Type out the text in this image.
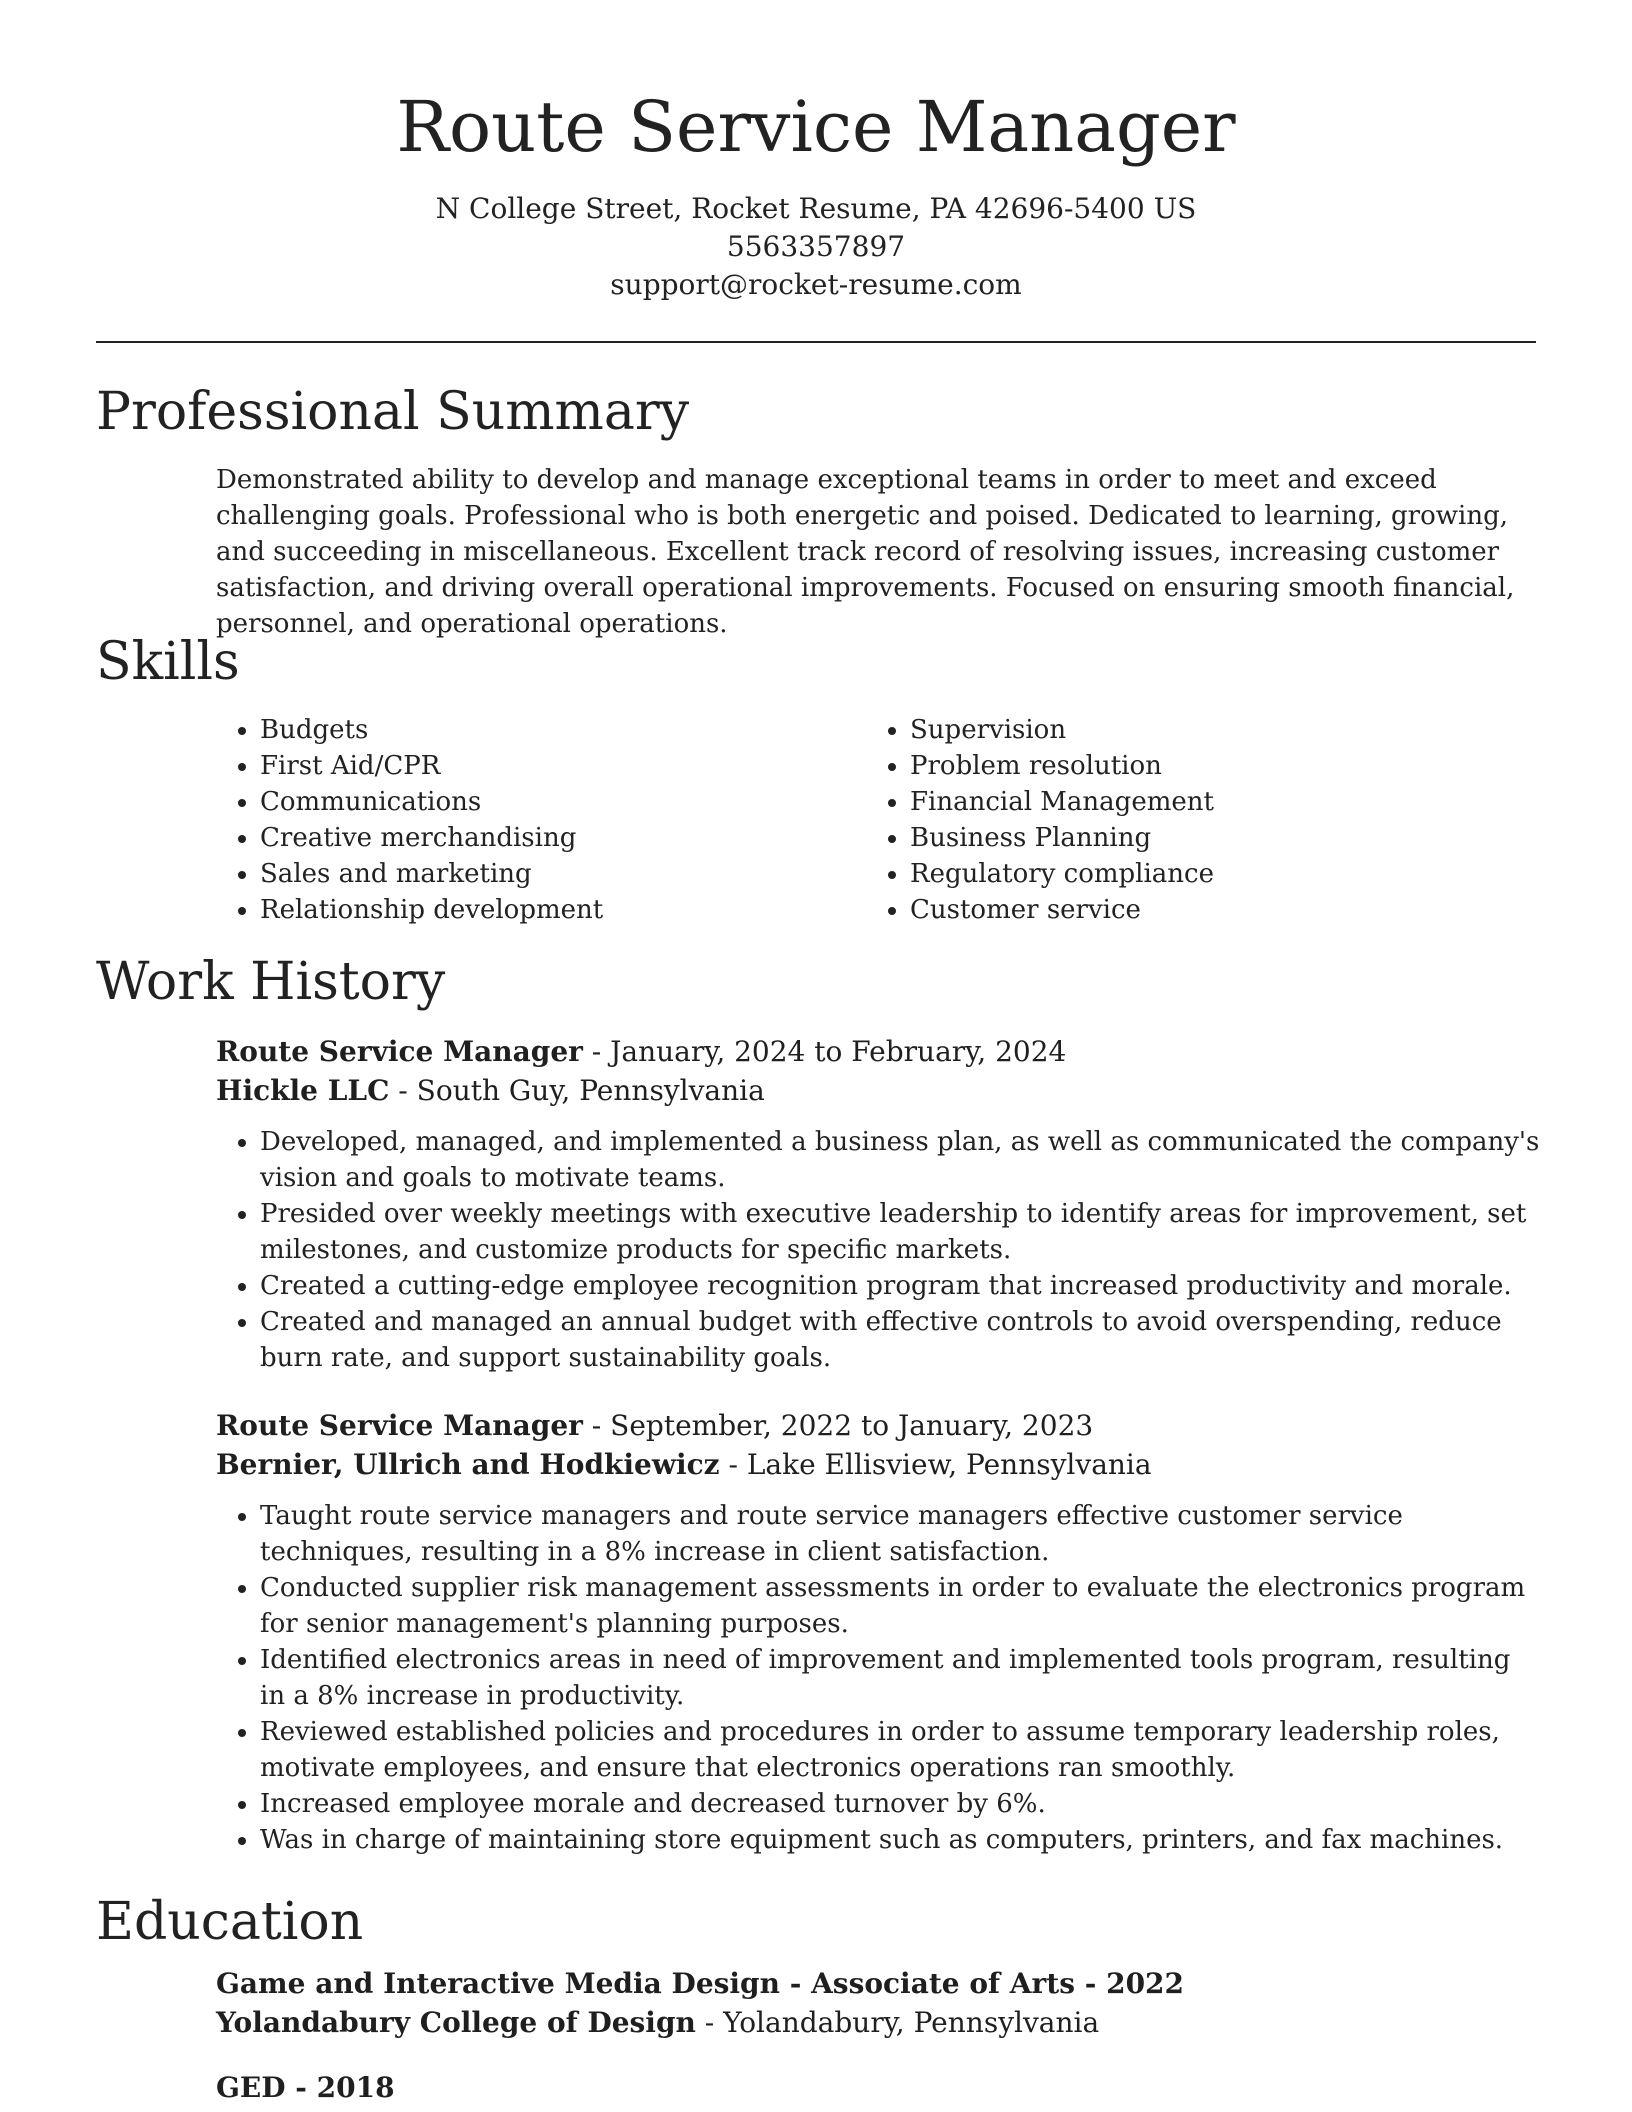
Route Service Manager
N College Street, Rocket Resume, PA 42696-5400 US
5563357897
support@rocket-resume.com
Professional Summary
Demonstrated ability to develop and manage exceptional teams in order to meet and exceed challenging goals. Professional who is both energetic and poised. Dedicated to learning, growing, and succeeding in miscellaneous. Excellent track record of resolving issues, increasing customer satisfaction, and driving overall operational improvements. Focused on ensuring smooth financial, personnel, and operational operations.
Skills
• Budgets
• First Aid/CPR
• Communications
• Creative merchandising
• Sales and marketing
• Relationship development
• Supervision
• Problem resolution
• Financial Management
• Business Planning
• Regulatory compliance
• Customer service
Work History
Route Service Manager - January, 2024 to February, 2024
Hickle LLC - South Guy, Pennsylvania
• Developed, managed, and implemented a business plan, as well as communicated the company's vision and goals to motivate teams.
• Presided over weekly meetings with executive leadership to identify areas for improvement, set milestones, and customize products for specific markets.
• Created a cutting-edge employee recognition program that increased productivity and morale.
• Created and managed an annual budget with effective controls to avoid overspending, reduce burn rate, and support sustainability goals.
Route Service Manager - September, 2022 to January, 2023
Bernier, Ullrich and Hodkiewicz - Lake Ellisview, Pennsylvania
• Taught route service managers and route service managers effective customer service techniques, resulting in a 8% increase in client satisfaction.
• Conducted supplier risk management assessments in order to evaluate the electronics program for senior management's planning purposes.
• Identified electronics areas in need of improvement and implemented tools program, resulting in a 8% increase in productivity.
• Reviewed established policies and procedures in order to assume temporary leadership roles, motivate employees, and ensure that electronics operations ran smoothly.
• Increased employee morale and decreased turnover by 6%.
• Was in charge of maintaining store equipment such as computers, printers, and fax machines.
Education
Game and Interactive Media Design - Associate of Arts - 2022
Yolandabury College of Design - Yolandabury, Pennsylvania
GED - 2018
